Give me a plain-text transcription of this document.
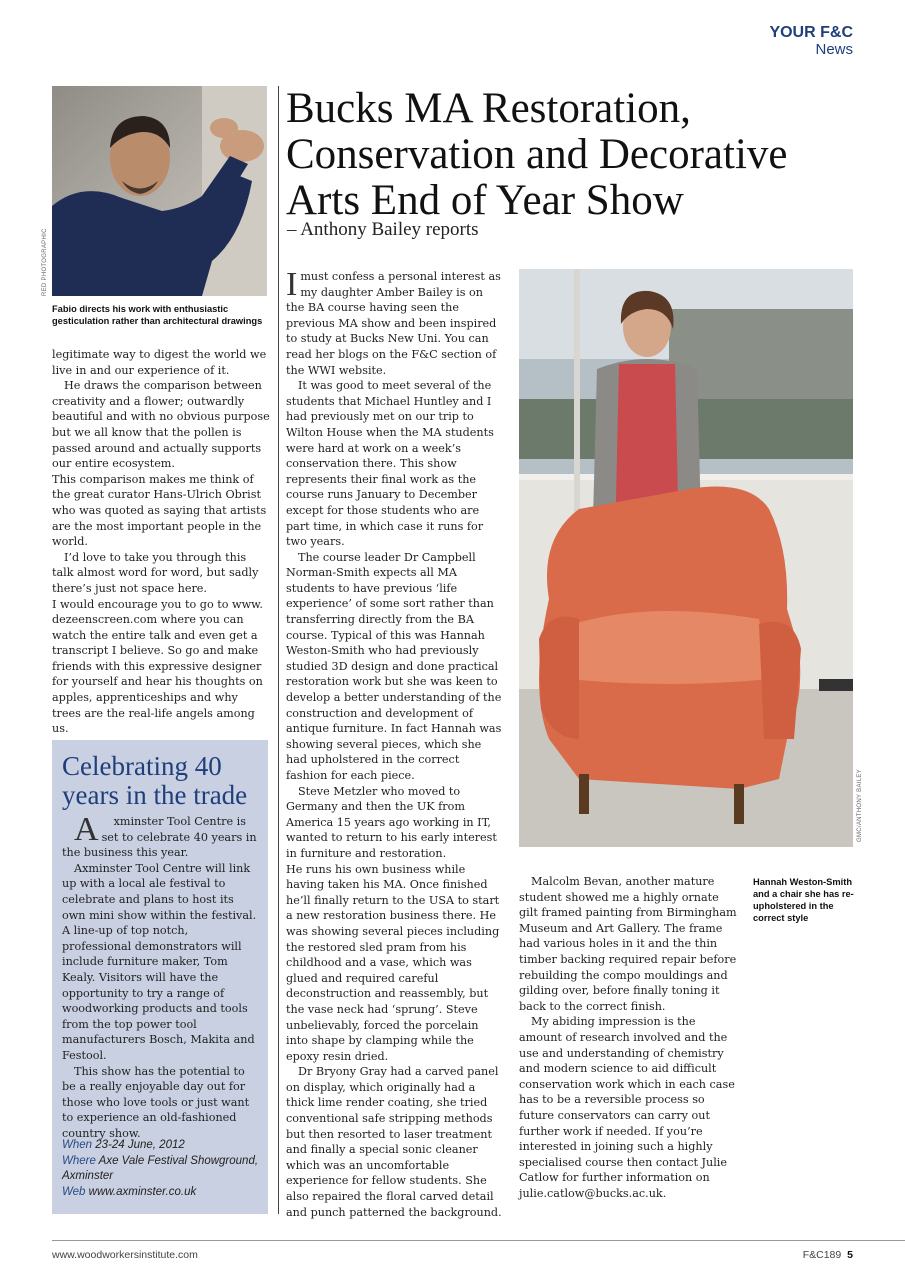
YOUR F&C
News
RED PHOTOGRAPHIC
Fabio directs his work with enthusiastic gesticulation rather than architectural drawings

legitimate way to digest the world we live in and our experience of it.

He draws the comparison between creativity and a flower; outwardly beautiful and with no obvious purpose but we all know that the pollen is passed around and actually supports our entire ecosystem.

This comparison makes me think of the great curator Hans-Ulrich Obrist who was quoted as saying that artists are the most important people in the world.

I’d love to take you through this talk almost word for word, but sadly there’s just not space here.

I would encourage you to go to www. dezeenscreen.com where you can watch the entire talk and even get a transcript I believe. So go and make friends with this expressive designer for yourself and hear his thoughts on apples, apprenticeships and why trees are the real-life angels among us.

Celebrating 40
years in the trade

A xminster Tool Centre is set to celebrate 40 years in the business this year.

Axminster Tool Centre will link up with a local ale festival to celebrate and plans to host its own mini show within the festival. A line-up of top notch, professional demonstrators will include furniture maker, Tom Kealy. Visitors will have the opportunity to try a range of woodworking products and tools from the top power tool manufacturers Bosch, Makita and Festool.

This show has the potential to be a really enjoyable day out for those who love tools or just want to experience an old-fashioned country show.

When 23-24 June, 2012
Where Axe Vale Festival Showground, Axminster
Web www.axminster.co.uk
Bucks MA Restoration,
Conservation and Decorative
Arts End of Year Show
– Anthony Bailey reports

Imust confess a personal interest as my daughter Amber Bailey is on the BA course having seen the previous MA show and been inspired to study at Bucks New Uni. You can read her blogs on the F&C section of the WWI website.

It was good to meet several of the students that Michael Huntley and I had previously met on our trip to Wilton House when the MA students were hard at work on a week’s conservation there. This show represents their final work as the course runs January to December except for those students who are part time, in which case it runs for two years.

The course leader Dr Campbell Norman-Smith expects all MA students to have previous ‘life experience’ of some sort rather than transferring directly from the BA course. Typical of this was Hannah Weston-Smith who had previously studied 3D design and done practical restoration work but she was keen to develop a better understanding of the construction and development of antique furniture. In fact Hannah was showing several pieces, which she had upholstered in the correct fashion for each piece.

Steve Metzler who moved to Germany and then the UK from America 15 years ago working in IT, wanted to return to his early interest in furniture and restoration.

He runs his own business while having taken his MA. Once finished he’ll finally return to the USA to start a new restoration business there. He was showing several pieces including the restored sled pram from his childhood and a vase, which was glued and required careful deconstruction and reassembly, but the vase neck had ‘sprung’. Steve unbelievably, forced the porcelain into shape by clamping while the epoxy resin dried.

Dr Bryony Gray had a carved panel on display, which originally had a thick lime render coating, she tried conventional safe stripping methods but then resorted to laser treatment and finally a special sonic cleaner which was an uncomfortable experience for fellow students. She also repaired the floral carved detail and punch patterned the background.

GMC/ANTHONY BAILEY

Malcolm Bevan, another mature student showed me a highly ornate gilt framed painting from Birmingham Museum and Art Gallery. The frame had various holes in it and the thin timber backing required repair before rebuilding the compo mouldings and gilding over, before finally toning it back to the correct finish.

My abiding impression is the amount of research involved and the use and understanding of chemistry and modern science to aid difficult conservation work which in each case has to be a reversible process so future conservators can carry out further work if needed. If you’re interested in joining such a highly specialised course then contact Julie Catlow for further information on julie.catlow@bucks.ac.uk.

Hannah Weston-Smith and a chair she has re-upholstered in the correct style
www.woodworkersinstitute.com	F&C189 5
